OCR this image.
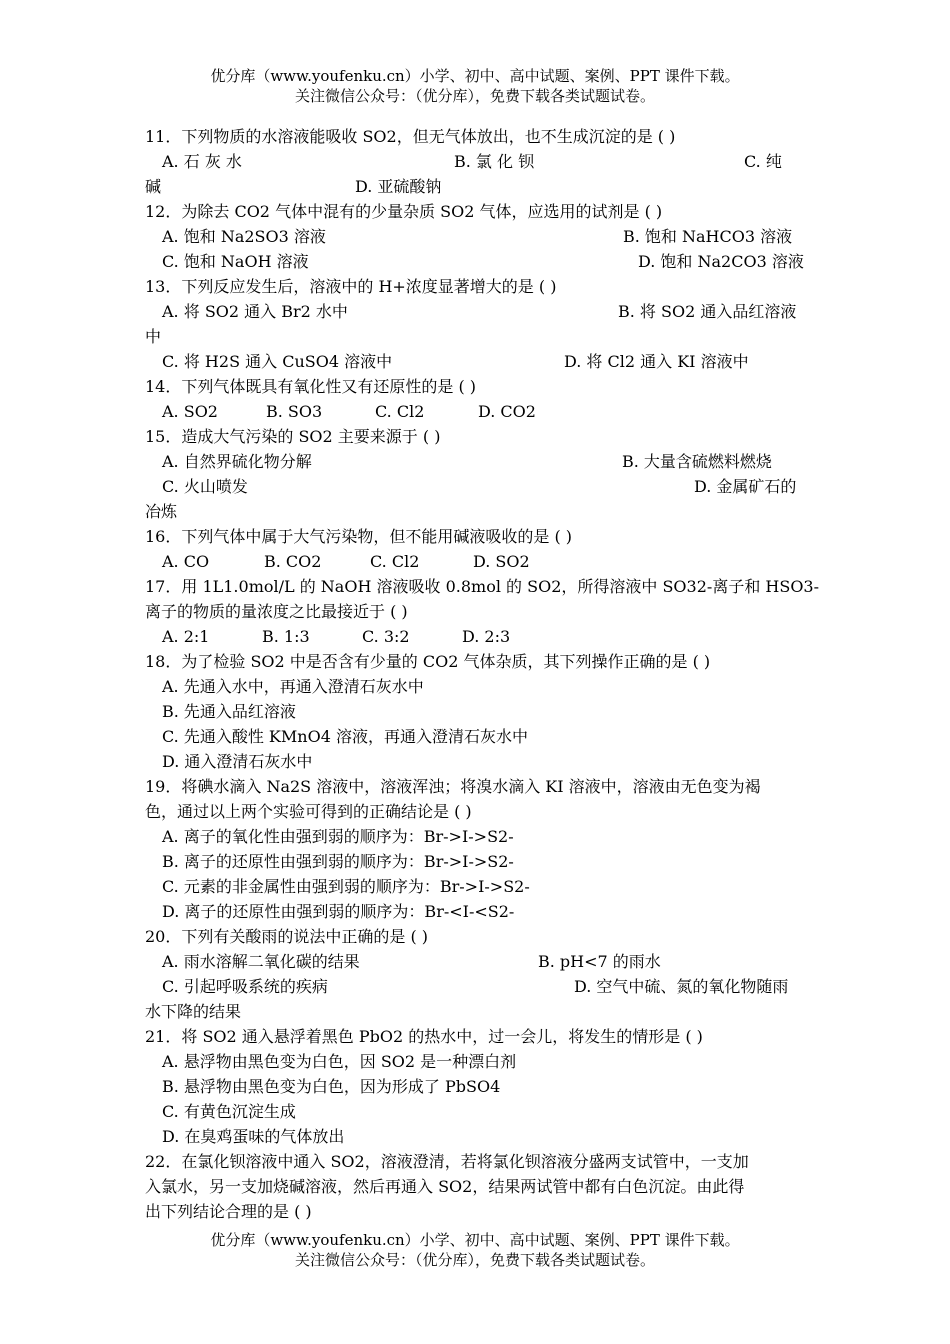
优分库（www.youfenku.cn）小学、初中、高中试题、案例、PPT 课件下载。
关注微信公众号：（优分库），免费下载各类试题试卷。
11．下列物质的水溶液能吸收 SO2，但无气体放出，也不生成沉淀的是 ( )
A. 石 灰 水	B. 氯 化 钡	C. 纯
碱	D. 亚硫酸钠
12．为除去 CO2 气体中混有的少量杂质 SO2 气体，应选用的试剂是 ( )
A. 饱和 Na2SO3 溶液	B. 饱和 NaHCO3 溶液
C. 饱和 NaOH 溶液	D. 饱和 Na2CO3 溶液
13．下列反应发生后，溶液中的 H+浓度显著增大的是 ( )
A. 将 SO2 通入 Br2 水中	B. 将 SO2 通入品红溶液
中
C. 将 H2S 通入 CuSO4 溶液中	D. 将 Cl2 通入 KI 溶液中
14．下列气体既具有氧化性又有还原性的是 ( )
A. SO2	B. SO3	C. Cl2	D. CO2
15．造成大气污染的 SO2 主要来源于 ( )
A. 自然界硫化物分解	B. 大量含硫燃料燃烧
C. 火山喷发	D. 金属矿石的
冶炼
16．下列气体中属于大气污染物，但不能用碱液吸收的是 ( )
A. CO	B. CO2	C. Cl2	D. SO2
17．用 1L1.0mol/L 的 NaOH 溶液吸收 0.8mol 的 SO2，所得溶液中 SO32-离子和 HSO3-
离子的物质的量浓度之比最接近于 ( )
A. 2:1	B. 1:3	C. 3:2	D. 2:3
18．为了检验 SO2 中是否含有少量的 CO2 气体杂质，其下列操作正确的是 ( )
A. 先通入水中，再通入澄清石灰水中
B. 先通入品红溶液
C. 先通入酸性 KMnO4 溶液，再通入澄清石灰水中
D. 通入澄清石灰水中
19．将碘水滴入 Na2S 溶液中，溶液浑浊；将溴水滴入 KI 溶液中，溶液由无色变为褐
色，通过以上两个实验可得到的正确结论是 ( )
A. 离子的氧化性由强到弱的顺序为：Br->I->S2-
B. 离子的还原性由强到弱的顺序为：Br->I->S2-
C. 元素的非金属性由强到弱的顺序为：Br->I->S2-
D. 离子的还原性由强到弱的顺序为：Br-<I-<S2-
20．下列有关酸雨的说法中正确的是 ( )
A. 雨水溶解二氧化碳的结果	B. pH<7 的雨水
C. 引起呼吸系统的疾病	D. 空气中硫、氮的氧化物随雨
水下降的结果
21．将 SO2 通入悬浮着黑色 PbO2 的热水中，过一会儿，将发生的情形是 ( )
A. 悬浮物由黑色变为白色，因 SO2 是一种漂白剂
B. 悬浮物由黑色变为白色，因为形成了 PbSO4
C. 有黄色沉淀生成
D. 在臭鸡蛋味的气体放出
22．在氯化钡溶液中通入 SO2，溶液澄清，若将氯化钡溶液分盛两支试管中，一支加
入氯水，另一支加烧碱溶液，然后再通入 SO2，结果两试管中都有白色沉淀。由此得
出下列结论合理的是 ( )
优分库（www.youfenku.cn）小学、初中、高中试题、案例、PPT 课件下载。
关注微信公众号：（优分库），免费下载各类试题试卷。
